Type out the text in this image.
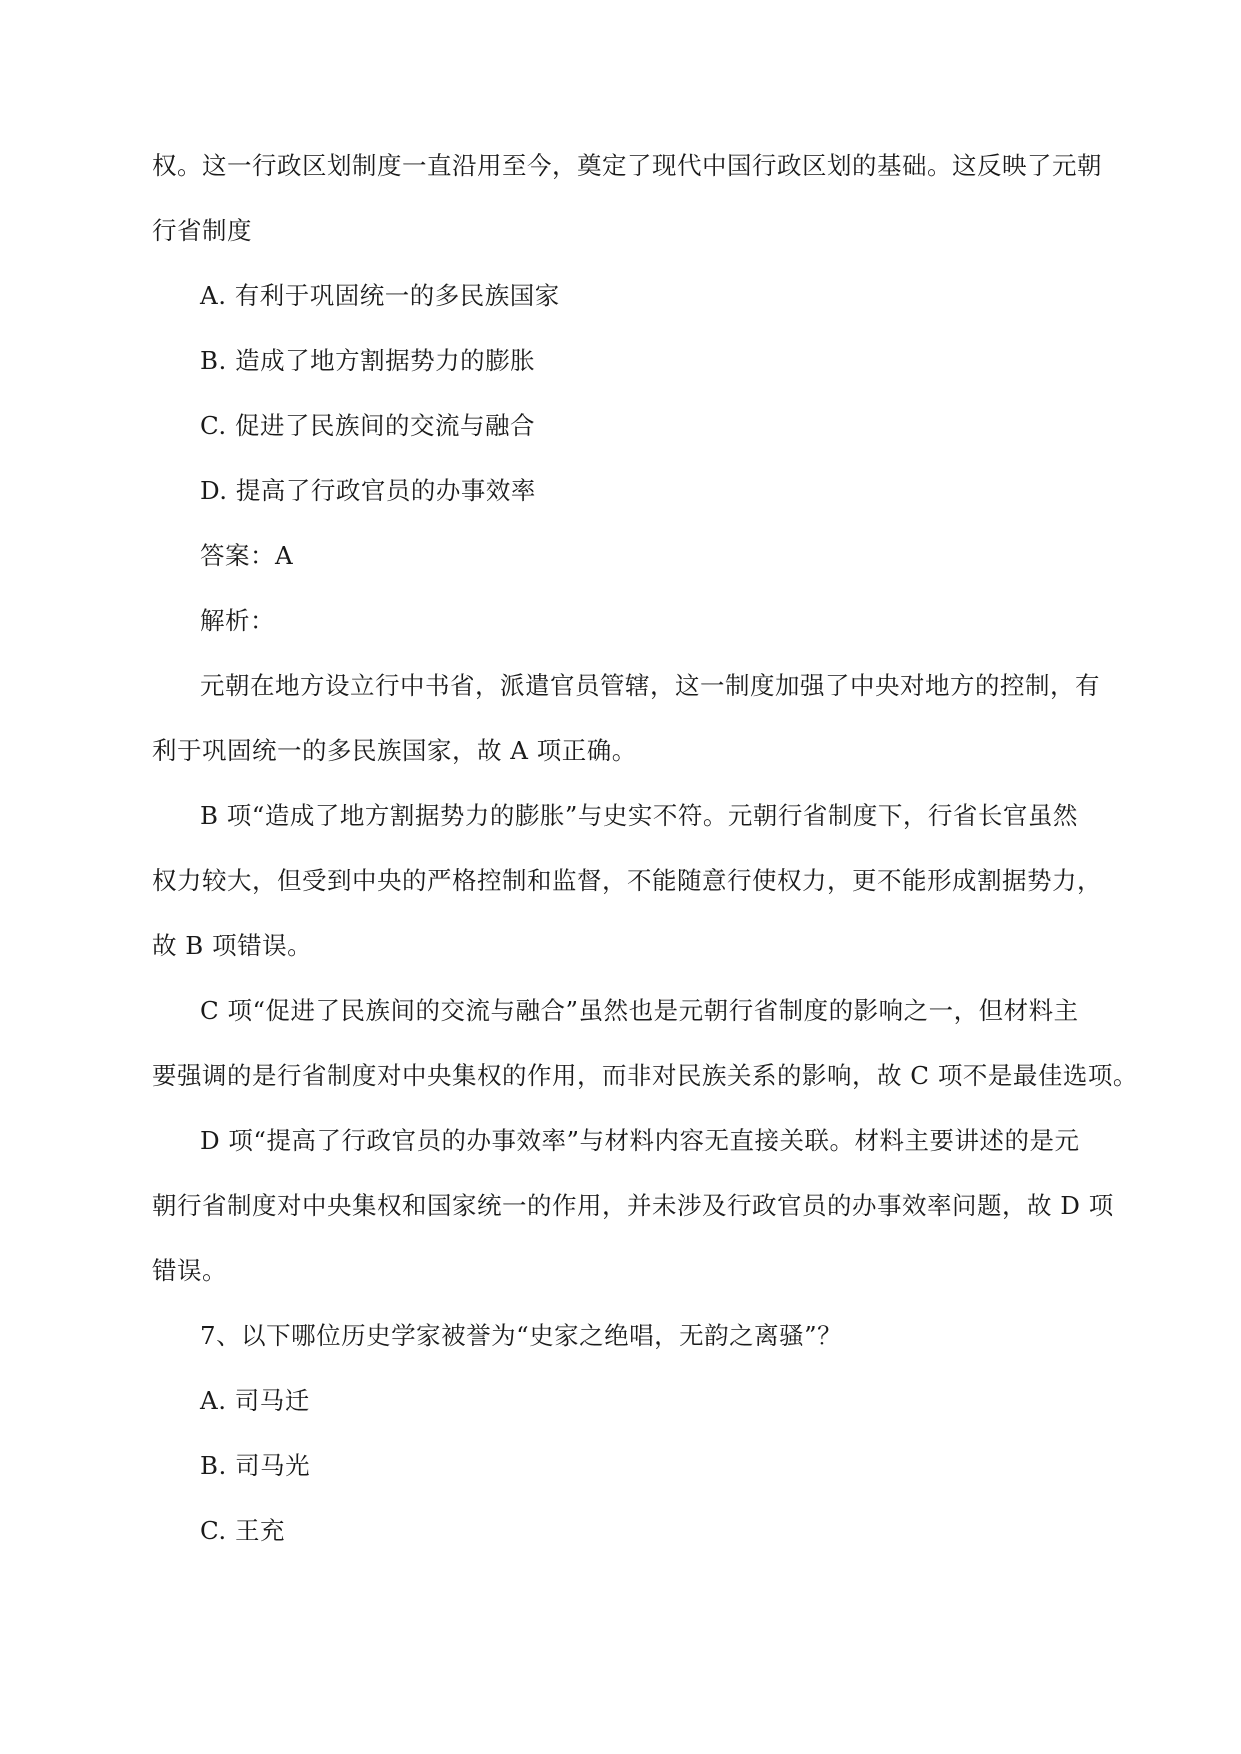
权。这一行政区划制度一直沿用至今，奠定了现代中国行政区划的基础。这反映了元朝
行省制度
A. 有利于巩固统一的多民族国家
B. 造成了地方割据势力的膨胀
C. 促进了民族间的交流与融合
D. 提高了行政官员的办事效率
答案：A
解析：
元朝在地方设立行中书省，派遣官员管辖，这一制度加强了中央对地方的控制，有
利于巩固统一的多民族国家，故 A 项正确。
B 项“造成了地方割据势力的膨胀”与史实不符。元朝行省制度下，行省长官虽然
权力较大，但受到中央的严格控制和监督，不能随意行使权力，更不能形成割据势力，
故 B 项错误。
C 项“促进了民族间的交流与融合”虽然也是元朝行省制度的影响之一，但材料主
要强调的是行省制度对中央集权的作用，而非对民族关系的影响，故 C 项不是最佳选项。
D 项“提高了行政官员的办事效率”与材料内容无直接关联。材料主要讲述的是元
朝行省制度对中央集权和国家统一的作用，并未涉及行政官员的办事效率问题，故 D 项
错误。
7、以下哪位历史学家被誉为“史家之绝唱，无韵之离骚”？
A. 司马迁
B. 司马光
C. 王充
